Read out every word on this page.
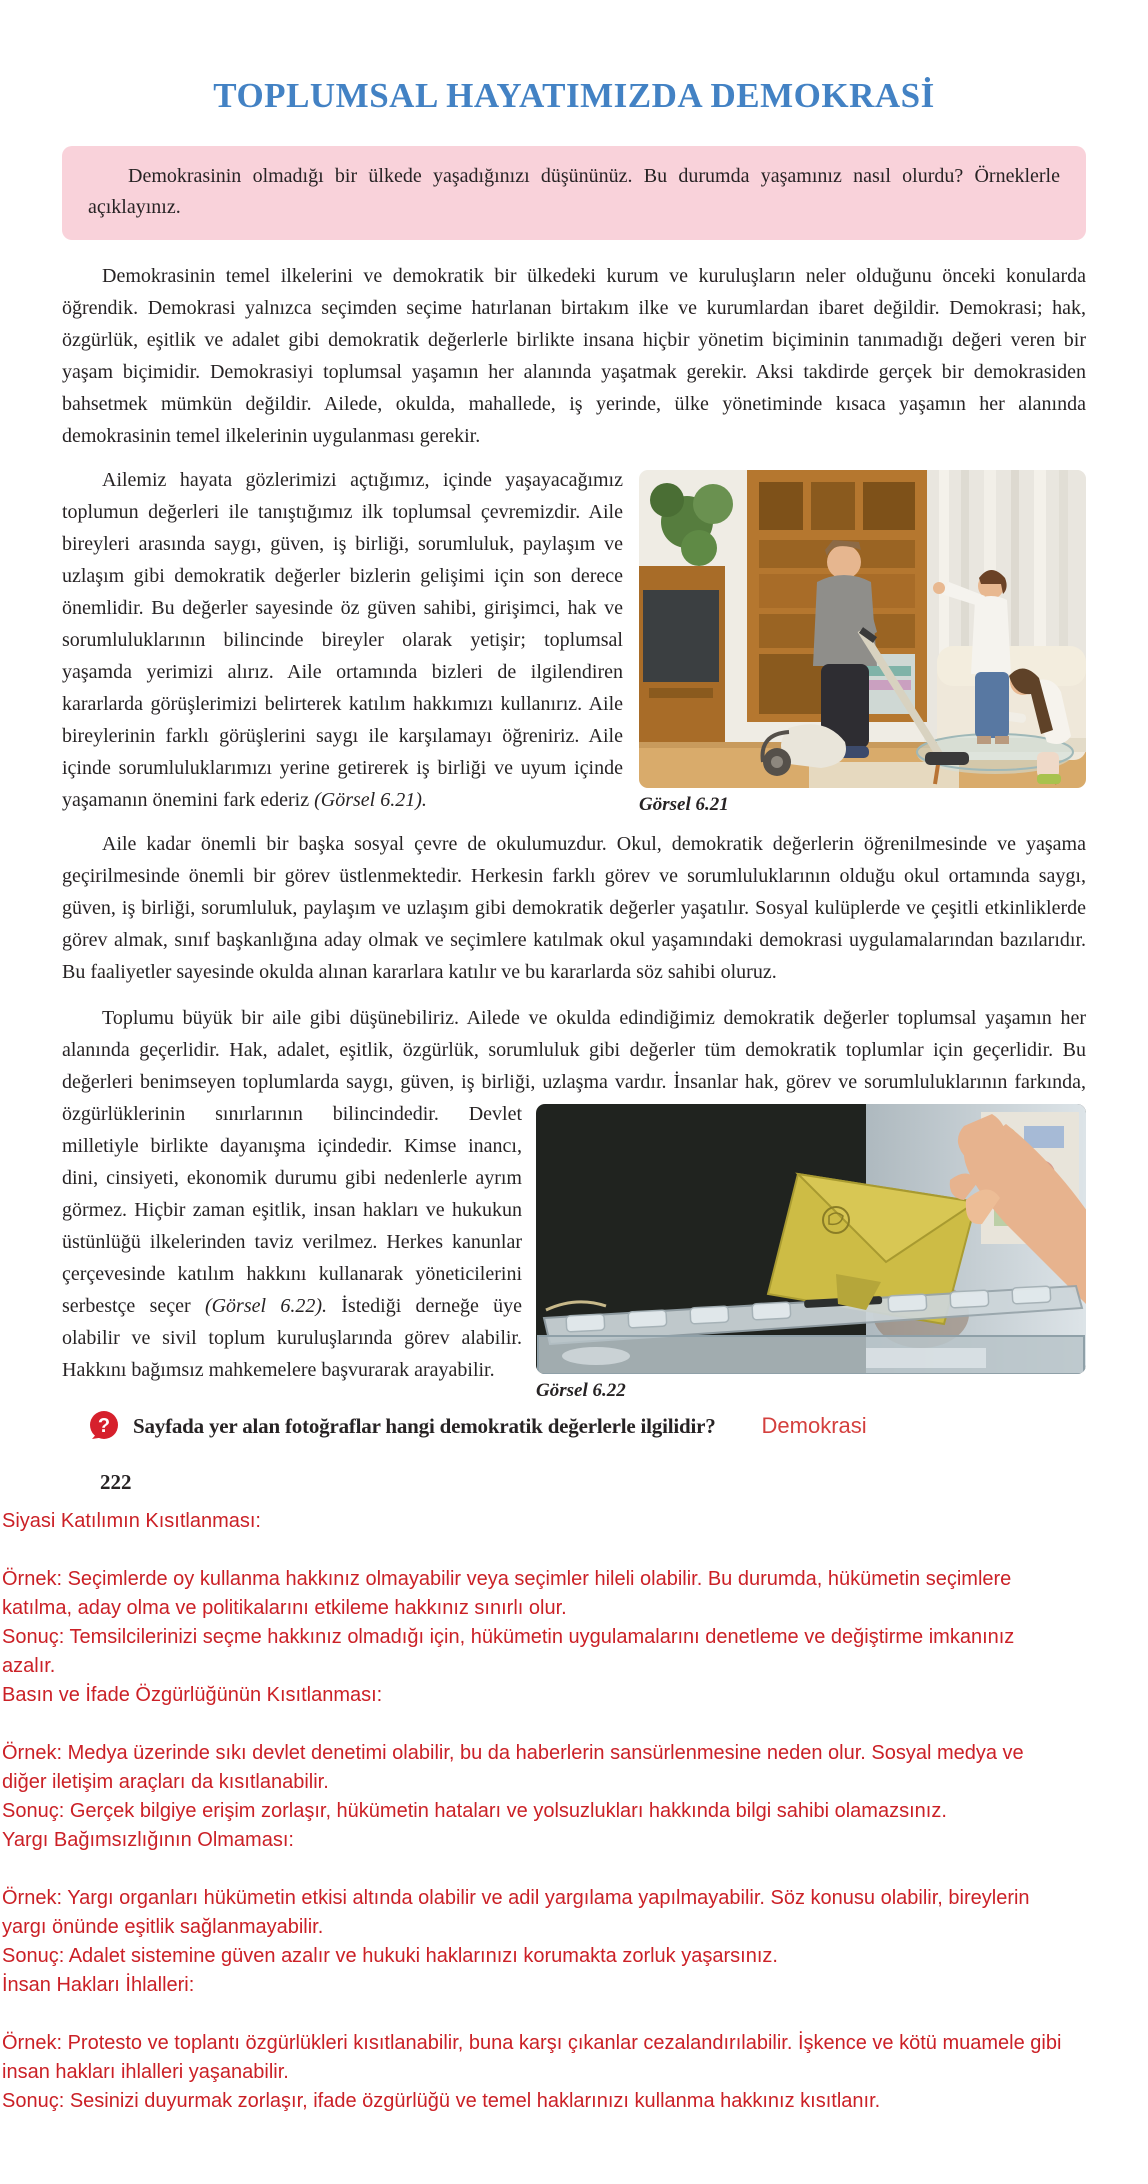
TOPLUMSAL HAYATIMIZDA DEMOKRASİ
Demokrasinin olmadığı bir ülkede yaşadığınızı düşününüz. Bu durumda yaşamınız nasıl olurdu? Örneklerle açıklayınız.

Demokrasinin temel ilkelerini ve demokratik bir ülkedeki kurum ve kuruluşların neler olduğunu önceki konularda öğrendik. Demokrasi yalnızca seçimden seçime hatırlanan birtakım ilke ve kurumlardan ibaret değildir. Demokrasi; hak, özgürlük, eşitlik ve adalet gibi demokratik değerlerle birlikte insana hiçbir yönetim biçiminin tanımadığı değeri veren bir yaşam biçimidir. Demokrasiyi toplumsal yaşamın her alanında yaşatmak gerekir. Aksi takdirde gerçek bir demokrasiden bahsetmek mümkün değildir. Ailede, okulda, mahallede, iş yerinde, ülke yönetiminde kısaca yaşamın her alanında demokrasinin temel ilkelerinin uygulanması gerekir.

Görsel 6.21
Ailemiz hayata gözlerimizi açtığımız, içinde yaşayacağımız toplumun değerleri ile tanıştığımız ilk toplumsal çevremizdir. Aile bireyleri arasında saygı, güven, iş birliği, sorumluluk, paylaşım ve uzlaşım gibi demokratik değerler bizlerin gelişimi için son derece önemlidir. Bu değerler sayesinde öz güven sahibi, girişimci, hak ve sorumluluklarının bilincinde bireyler olarak yetişir; toplumsal yaşamda yerimizi alırız. Aile ortamında bizleri de ilgilendiren kararlarda görüşlerimizi belirterek katılım hakkımızı kullanırız. Aile bireylerinin farklı görüşlerini saygı ile karşılamayı öğreniriz. Aile içinde sorumluluklarımızı yerine getirerek iş birliği ve uyum içinde yaşamanın önemini fark ederiz (Görsel 6.21).

Aile kadar önemli bir başka sosyal çevre de okulumuzdur. Okul, demokratik değerlerin öğrenilmesinde ve yaşama geçirilmesinde önemli bir görev üstlenmektedir. Herkesin farklı görev ve sorumluluklarının olduğu okul ortamında saygı, güven, iş birliği, sorumluluk, paylaşım ve uzlaşım gibi demokratik değerler yaşatılır. Sosyal kulüplerde ve çeşitli etkinliklerde görev almak, sınıf başkanlığına aday olmak ve seçimlere katılmak okul yaşamındaki demokrasi uygulamalarından bazılarıdır. Bu faaliyetler sayesinde okulda alınan kararlara katılır ve bu kararlarda söz sahibi oluruz.

Toplumu büyük bir aile gibi düşünebiliriz. Ailede ve okulda edindiğimiz demokratik değerler toplumsal yaşamın her alanında geçerlidir. Hak, adalet, eşitlik, özgürlük, sorumluluk gibi değerler tüm demokratik toplumlar için geçerlidir. Bu değerleri benimseyen toplumlarda saygı, güven, iş birliği, uzlaşma vardır. İnsanlar hak, görev ve
Görsel 6.22
sorumluluklarının farkında, özgürlüklerinin sınırlarının bilincindedir. Devlet milletiyle birlikte dayanışma içindedir. Kimse inancı, dini, cinsiyeti, ekonomik durumu gibi nedenlerle ayrım görmez. Hiçbir zaman eşitlik, insan hakları ve hukukun üstünlüğü ilkelerinden taviz verilmez. Herkes kanunlar çerçevesinde katılım hakkını kullanarak yöneticilerini serbestçe seçer (Görsel 6.22). İstediği derneğe üye olabilir ve sivil toplum kuruluşlarında görev alabilir. Hakkını bağımsız mahkemelere başvurarak arayabilir.

? Sayfada yer alan fotoğraflar hangi demokratik değerlerle ilgilidir? Demokrasi
222
Siyasi Katılımın Kısıtlanması:

Örnek: Seçimlerde oy kullanma hakkınız olmayabilir veya seçimler hileli olabilir. Bu durumda, hükümetin seçimlere katılma, aday olma ve politikalarını etkileme hakkınız sınırlı olur.

Sonuç: Temsilcilerinizi seçme hakkınız olmadığı için, hükümetin uygulamalarını denetleme ve değiştirme imkanınız azalır.

Basın ve İfade Özgürlüğünün Kısıtlanması:

Örnek: Medya üzerinde sıkı devlet denetimi olabilir, bu da haberlerin sansürlenmesine neden olur. Sosyal medya ve diğer iletişim araçları da kısıtlanabilir.

Sonuç: Gerçek bilgiye erişim zorlaşır, hükümetin hataları ve yolsuzlukları hakkında bilgi sahibi olamazsınız.

Yargı Bağımsızlığının Olmaması:

Örnek: Yargı organları hükümetin etkisi altında olabilir ve adil yargılama yapılmayabilir. Söz konusu olabilir, bireylerin yargı önünde eşitlik sağlanmayabilir.

Sonuç: Adalet sistemine güven azalır ve hukuki haklarınızı korumakta zorluk yaşarsınız.

İnsan Hakları İhlalleri:

Örnek: Protesto ve toplantı özgürlükleri kısıtlanabilir, buna karşı çıkanlar cezalandırılabilir. İşkence ve kötü muamele gibi insan hakları ihlalleri yaşanabilir.

Sonuç: Sesinizi duyurmak zorlaşır, ifade özgürlüğü ve temel haklarınızı kullanma hakkınız kısıtlanır.
